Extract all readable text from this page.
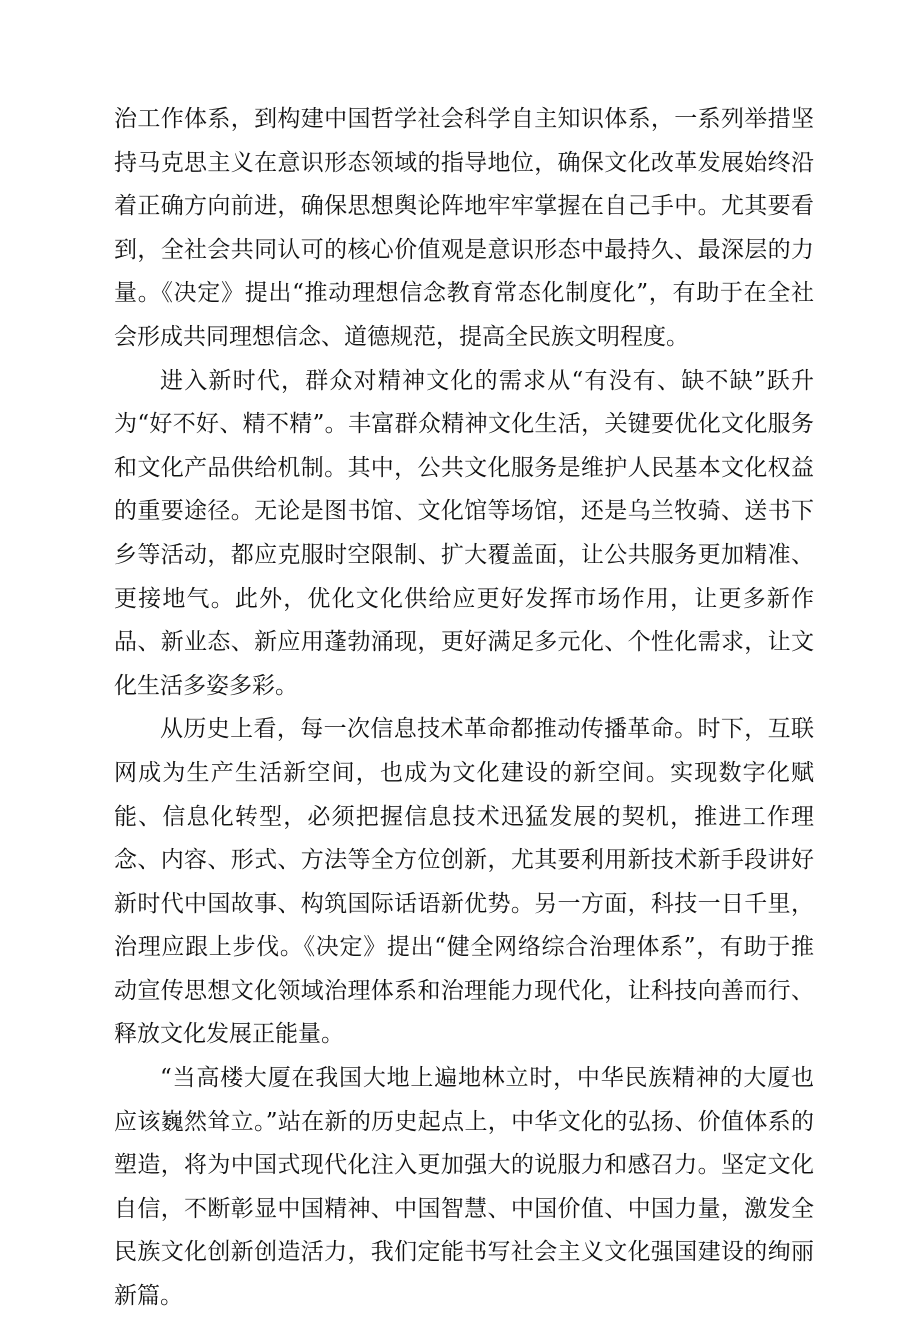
治工作体系，到构建中国哲学社会科学自主知识体系，一系列举措坚持马克思主义在意识形态领域的指导地位，确保文化改革发展始终沿着正确方向前进，确保思想舆论阵地牢牢掌握在自己手中。尤其要看到，全社会共同认可的核心价值观是意识形态中最持久、最深层的力量。《决定》提出“推动理想信念教育常态化制度化”，有助于在全社会形成共同理想信念、道德规范，提高全民族文明程度。

进入新时代，群众对精神文化的需求从“有没有、缺不缺”跃升为“好不好、精不精”。丰富群众精神文化生活，关键要优化文化服务和文化产品供给机制。其中，公共文化服务是维护人民基本文化权益的重要途径。无论是图书馆、文化馆等场馆，还是乌兰牧骑、送书下乡等活动，都应克服时空限制、扩大覆盖面，让公共服务更加精准、更接地气。此外，优化文化供给应更好发挥市场作用，让更多新作品、新业态、新应用蓬勃涌现，更好满足多元化、个性化需求，让文化生活多姿多彩。

从历史上看，每一次信息技术革命都推动传播革命。时下，互联网成为生产生活新空间，也成为文化建设的新空间。实现数字化赋能、信息化转型，必须把握信息技术迅猛发展的契机，推进工作理念、内容、形式、方法等全方位创新，尤其要利用新技术新手段讲好新时代中国故事、构筑国际话语新优势。另一方面，科技一日千里，治理应跟上步伐。《决定》提出“健全网络综合治理体系”，有助于推动宣传思想文化领域治理体系和治理能力现代化，让科技向善而行、释放文化发展正能量。

“当高楼大厦在我国大地上遍地林立时，中华民族精神的大厦也应该巍然耸立。”站在新的历史起点上，中华文化的弘扬、价值体系的塑造，将为中国式现代化注入更加强大的说服力和感召力。坚定文化自信，不断彰显中国精神、中国智慧、中国价值、中国力量，激发全民族文化创新创造活力，我们定能书写社会主义文化强国建设的绚丽新篇。
